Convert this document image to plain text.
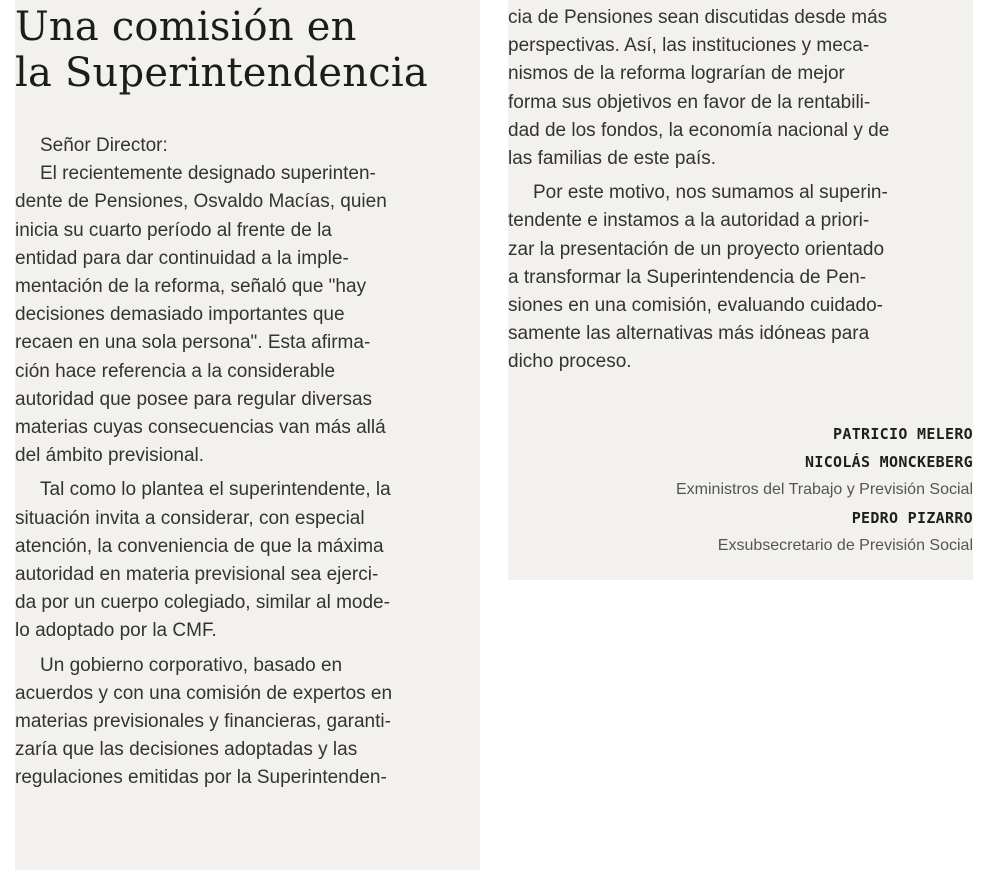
Una comisión en
la Superintendencia
Señor Director:
El recientemente designado superinten-
dente de Pensiones, Osvaldo Macías, quien
inicia su cuarto período al frente de la
entidad para dar continuidad a la imple-
mentación de la reforma, señaló que "hay
decisiones demasiado importantes que
recaen en una sola persona". Esta afirma-
ción hace referencia a la considerable
autoridad que posee para regular diversas
materias cuyas consecuencias van más allá
del ámbito previsional.
Tal como lo plantea el superintendente, la
situación invita a considerar, con especial
atención, la conveniencia de que la máxima
autoridad en materia previsional sea ejerci-
da por un cuerpo colegiado, similar al mode-
lo adoptado por la CMF.
Un gobierno corporativo, basado en
acuerdos y con una comisión de expertos en
materias previsionales y financieras, garanti-
zaría que las decisiones adoptadas y las
regulaciones emitidas por la Superintenden-
cia de Pensiones sean discutidas desde más
perspectivas. Así, las instituciones y meca-
nismos de la reforma lograrían de mejor
forma sus objetivos en favor de la rentabili-
dad de los fondos, la economía nacional y de
las familias de este país.
Por este motivo, nos sumamos al superin-
tendente e instamos a la autoridad a priori-
zar la presentación de un proyecto orientado
a transformar la Superintendencia de Pen-
siones en una comisión, evaluando cuidado-
samente las alternativas más idóneas para
dicho proceso.
PATRICIO MELERO
NICOLÁS MONCKEBERG
Exministros del Trabajo y Previsión Social
PEDRO PIZARRO
Exsubsecretario de Previsión Social
